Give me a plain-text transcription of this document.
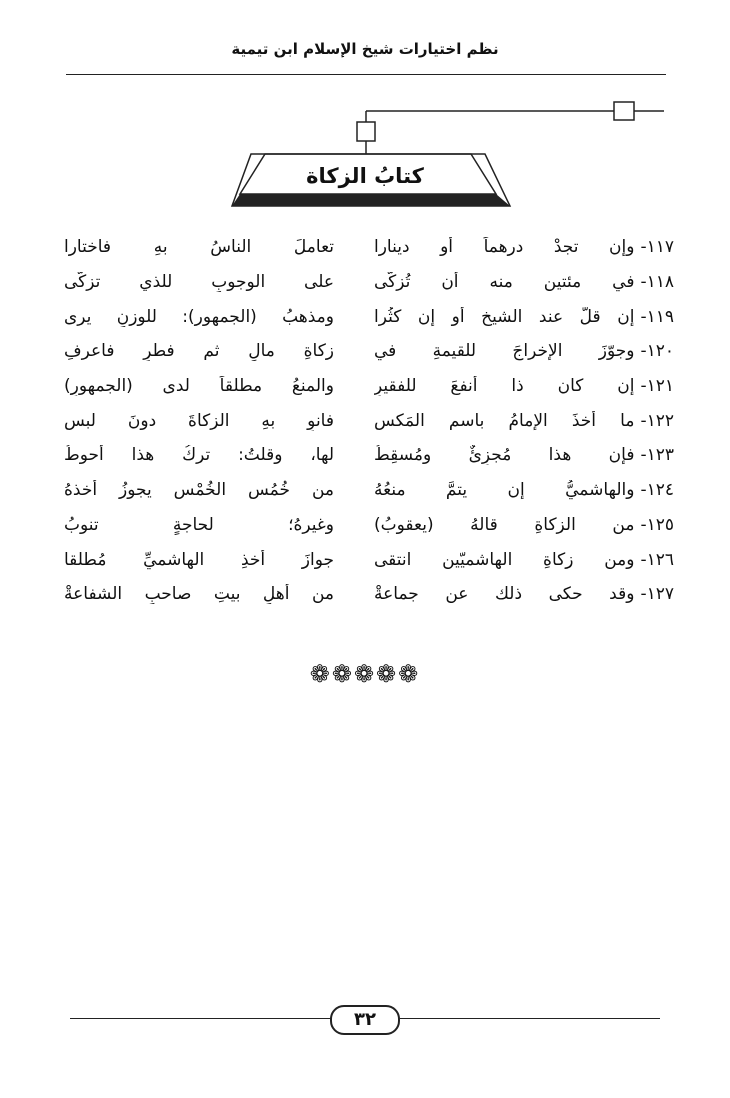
نظم اختيارات شيخ الإسلام ابن تيمية
كتابُ الزكاة
١١٧-وإن تجدْ درهماً أو دينارا
تعاملَ الناسُ بهِ فاختارا
١١٨-في مئتين منه أن تُزكّى
على الوجوبِ للذي تزكّى
١١٩-إن قلّ عند الشيخِ أو إن كثُرا
ومذهبُ (الجمهور): للوزنِ يرى
١٢٠-وجوّزَ الإخراجَ للقيمةِ في
زكاةِ مالٍ ثم فطرٍ فاعرفِ
١٢١-إن كان ذا أنفعَ للفقيرِ
والمنعُ مطلقاً لدى (الجمهورِ)
١٢٢-ما أخذَ الإمامُ باسمِ المَكسِ
فانوِ بهِ الزكاةَ دونَ لبسِ
١٢٣-فإن هذا مُجزِئٌ ومُسقِطُ
لها، وقلتُ: تركُ هذا أحوطُ
١٢٤-والهاشميُّ إن يتمَّ منعُهُ
من خُمُسِ الخُمْسِ يجوزُ أخذهُ
١٢٥-من الزكاةِ قالهُ (يعقوبُ)
وغيرهُ؛ لحاجةٍ تنوبُ
١٢٦-ومن زكاةِ الهاشميّين انتقى
جوازَ أخذِ الهاشميِّ مُطلقا
١٢٧-وقد حكى ذلك عن جماعةْ
من أهلِ بيتِ صاحبِ الشفاعةْ
❁❁❁❁❁
٣٢
